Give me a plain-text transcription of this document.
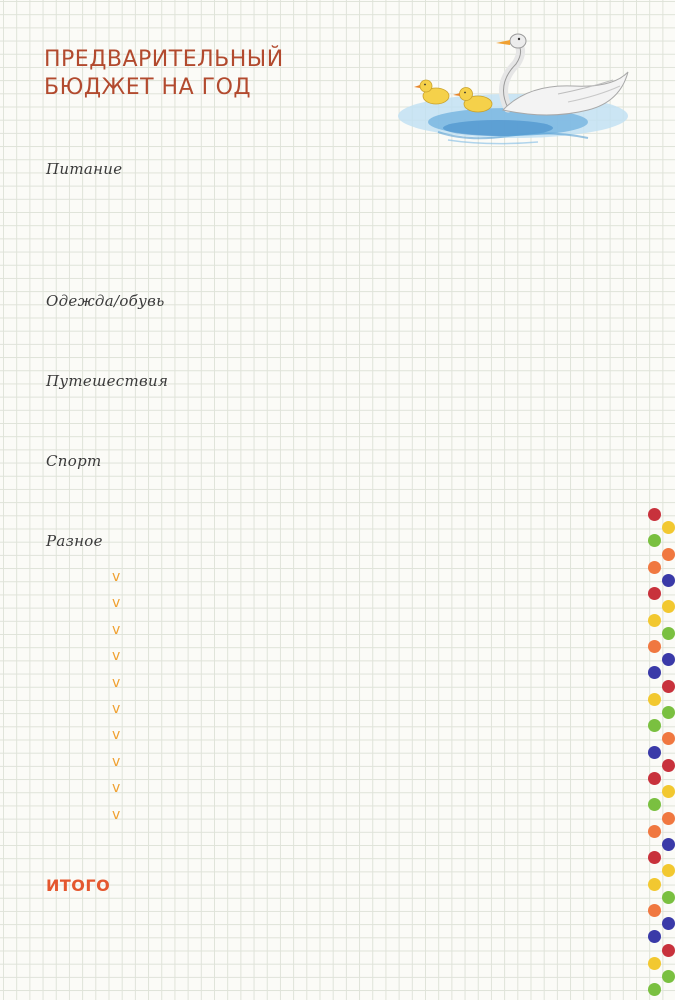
ПРЕДВАРИТЕЛЬНЫЙ
БЮДЖЕТ НА ГОД

Питание

Одежда/обувь

Путешествия

Спорт

Разное

v
v
v
v
v
v
v
v
v
v

ИТОГО
